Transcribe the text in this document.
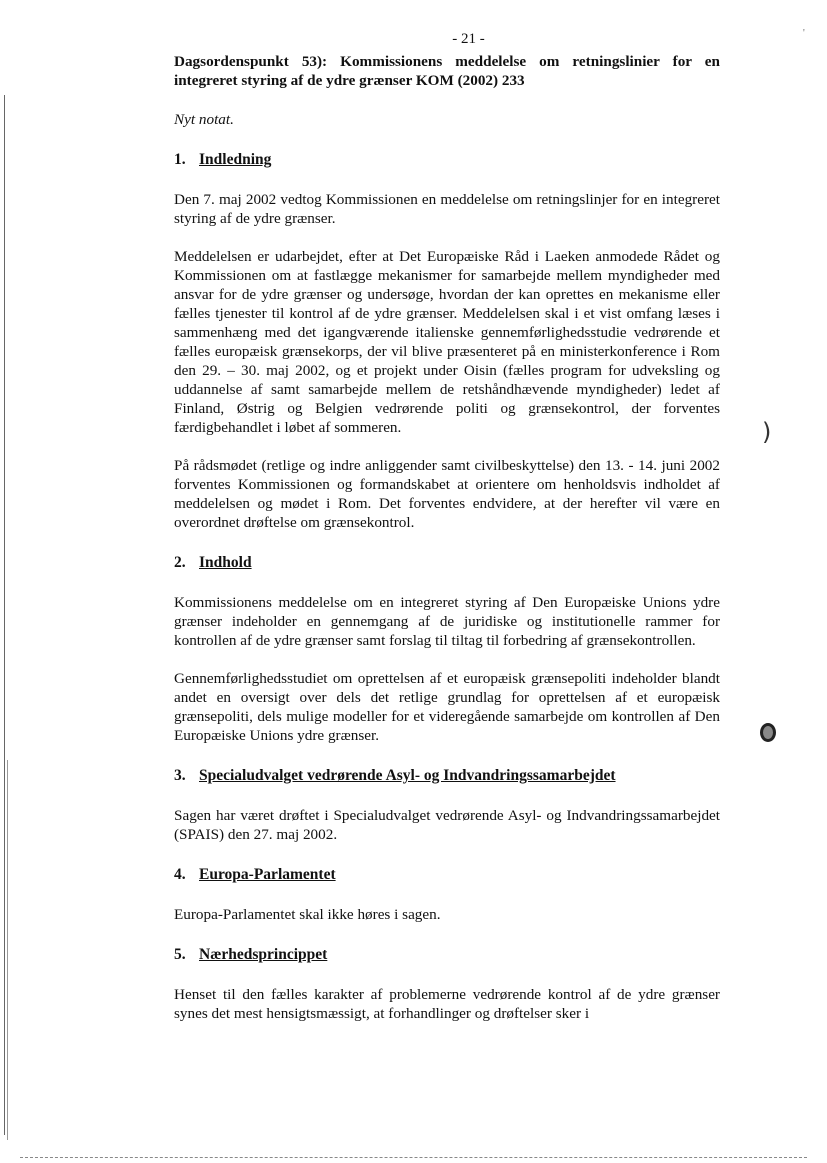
'
)
- 21 -

Dagsordenspunkt 53): Kommissionens meddelelse om retningslinier for en integreret styring af de ydre grænser KOM (2002) 233

Nyt notat.

1. Indledning

Den 7. maj 2002 vedtog Kommissionen en meddelelse om retningslinjer for en integreret styring af de ydre grænser.

Meddelelsen er udarbejdet, efter at Det Europæiske Råd i Laeken anmodede Rådet og Kommissionen om at fastlægge mekanismer for samarbejde mellem myndigheder med ansvar for de ydre grænser og undersøge, hvordan der kan oprettes en mekanisme eller fælles tjenester til kontrol af de ydre grænser. Meddelelsen skal i et vist omfang læses i sammenhæng med det igangværende italienske gennemførlighedsstudie vedrørende et fælles europæisk grænsekorps, der vil blive præsenteret på en ministerkonference i Rom den 29. – 30. maj 2002, og et projekt under Oisin (fælles program for udveksling og uddannelse af samt samarbejde mellem de retshåndhævende myndigheder) ledet af Finland, Østrig og Belgien vedrørende politi og grænsekontrol, der forventes færdigbehandlet i løbet af sommeren.

På rådsmødet (retlige og indre anliggender samt civilbeskyttelse) den 13. - 14. juni 2002 forventes Kommissionen og formandskabet at orientere om henholdsvis indholdet af meddelelsen og mødet i Rom. Det forventes endvidere, at der herefter vil være en overordnet drøftelse om grænsekontrol.

2. Indhold

Kommissionens meddelelse om en integreret styring af Den Europæiske Unions ydre grænser indeholder en gennemgang af de juridiske og institutionelle rammer for kontrollen af de ydre grænser samt forslag til tiltag til forbedring af grænsekontrollen.

Gennemførlighedsstudiet om oprettelsen af et europæisk grænsepoliti indeholder blandt andet en oversigt over dels det retlige grundlag for oprettelsen af et europæisk grænsepoliti, dels mulige modeller for et videregående samarbejde om kontrollen af Den Europæiske Unions ydre grænser.

3. Specialudvalget vedrørende Asyl- og Indvandringssamarbejdet

Sagen har været drøftet i Specialudvalget vedrørende Asyl- og Indvandringssamarbejdet (SPAIS) den 27. maj 2002.

4. Europa-Parlamentet

Europa-Parlamentet skal ikke høres i sagen.

5. Nærhedsprincippet

Henset til den fælles karakter af problemerne vedrørende kontrol af de ydre grænser synes det mest hensigtsmæssigt, at forhandlinger og drøftelser sker i
